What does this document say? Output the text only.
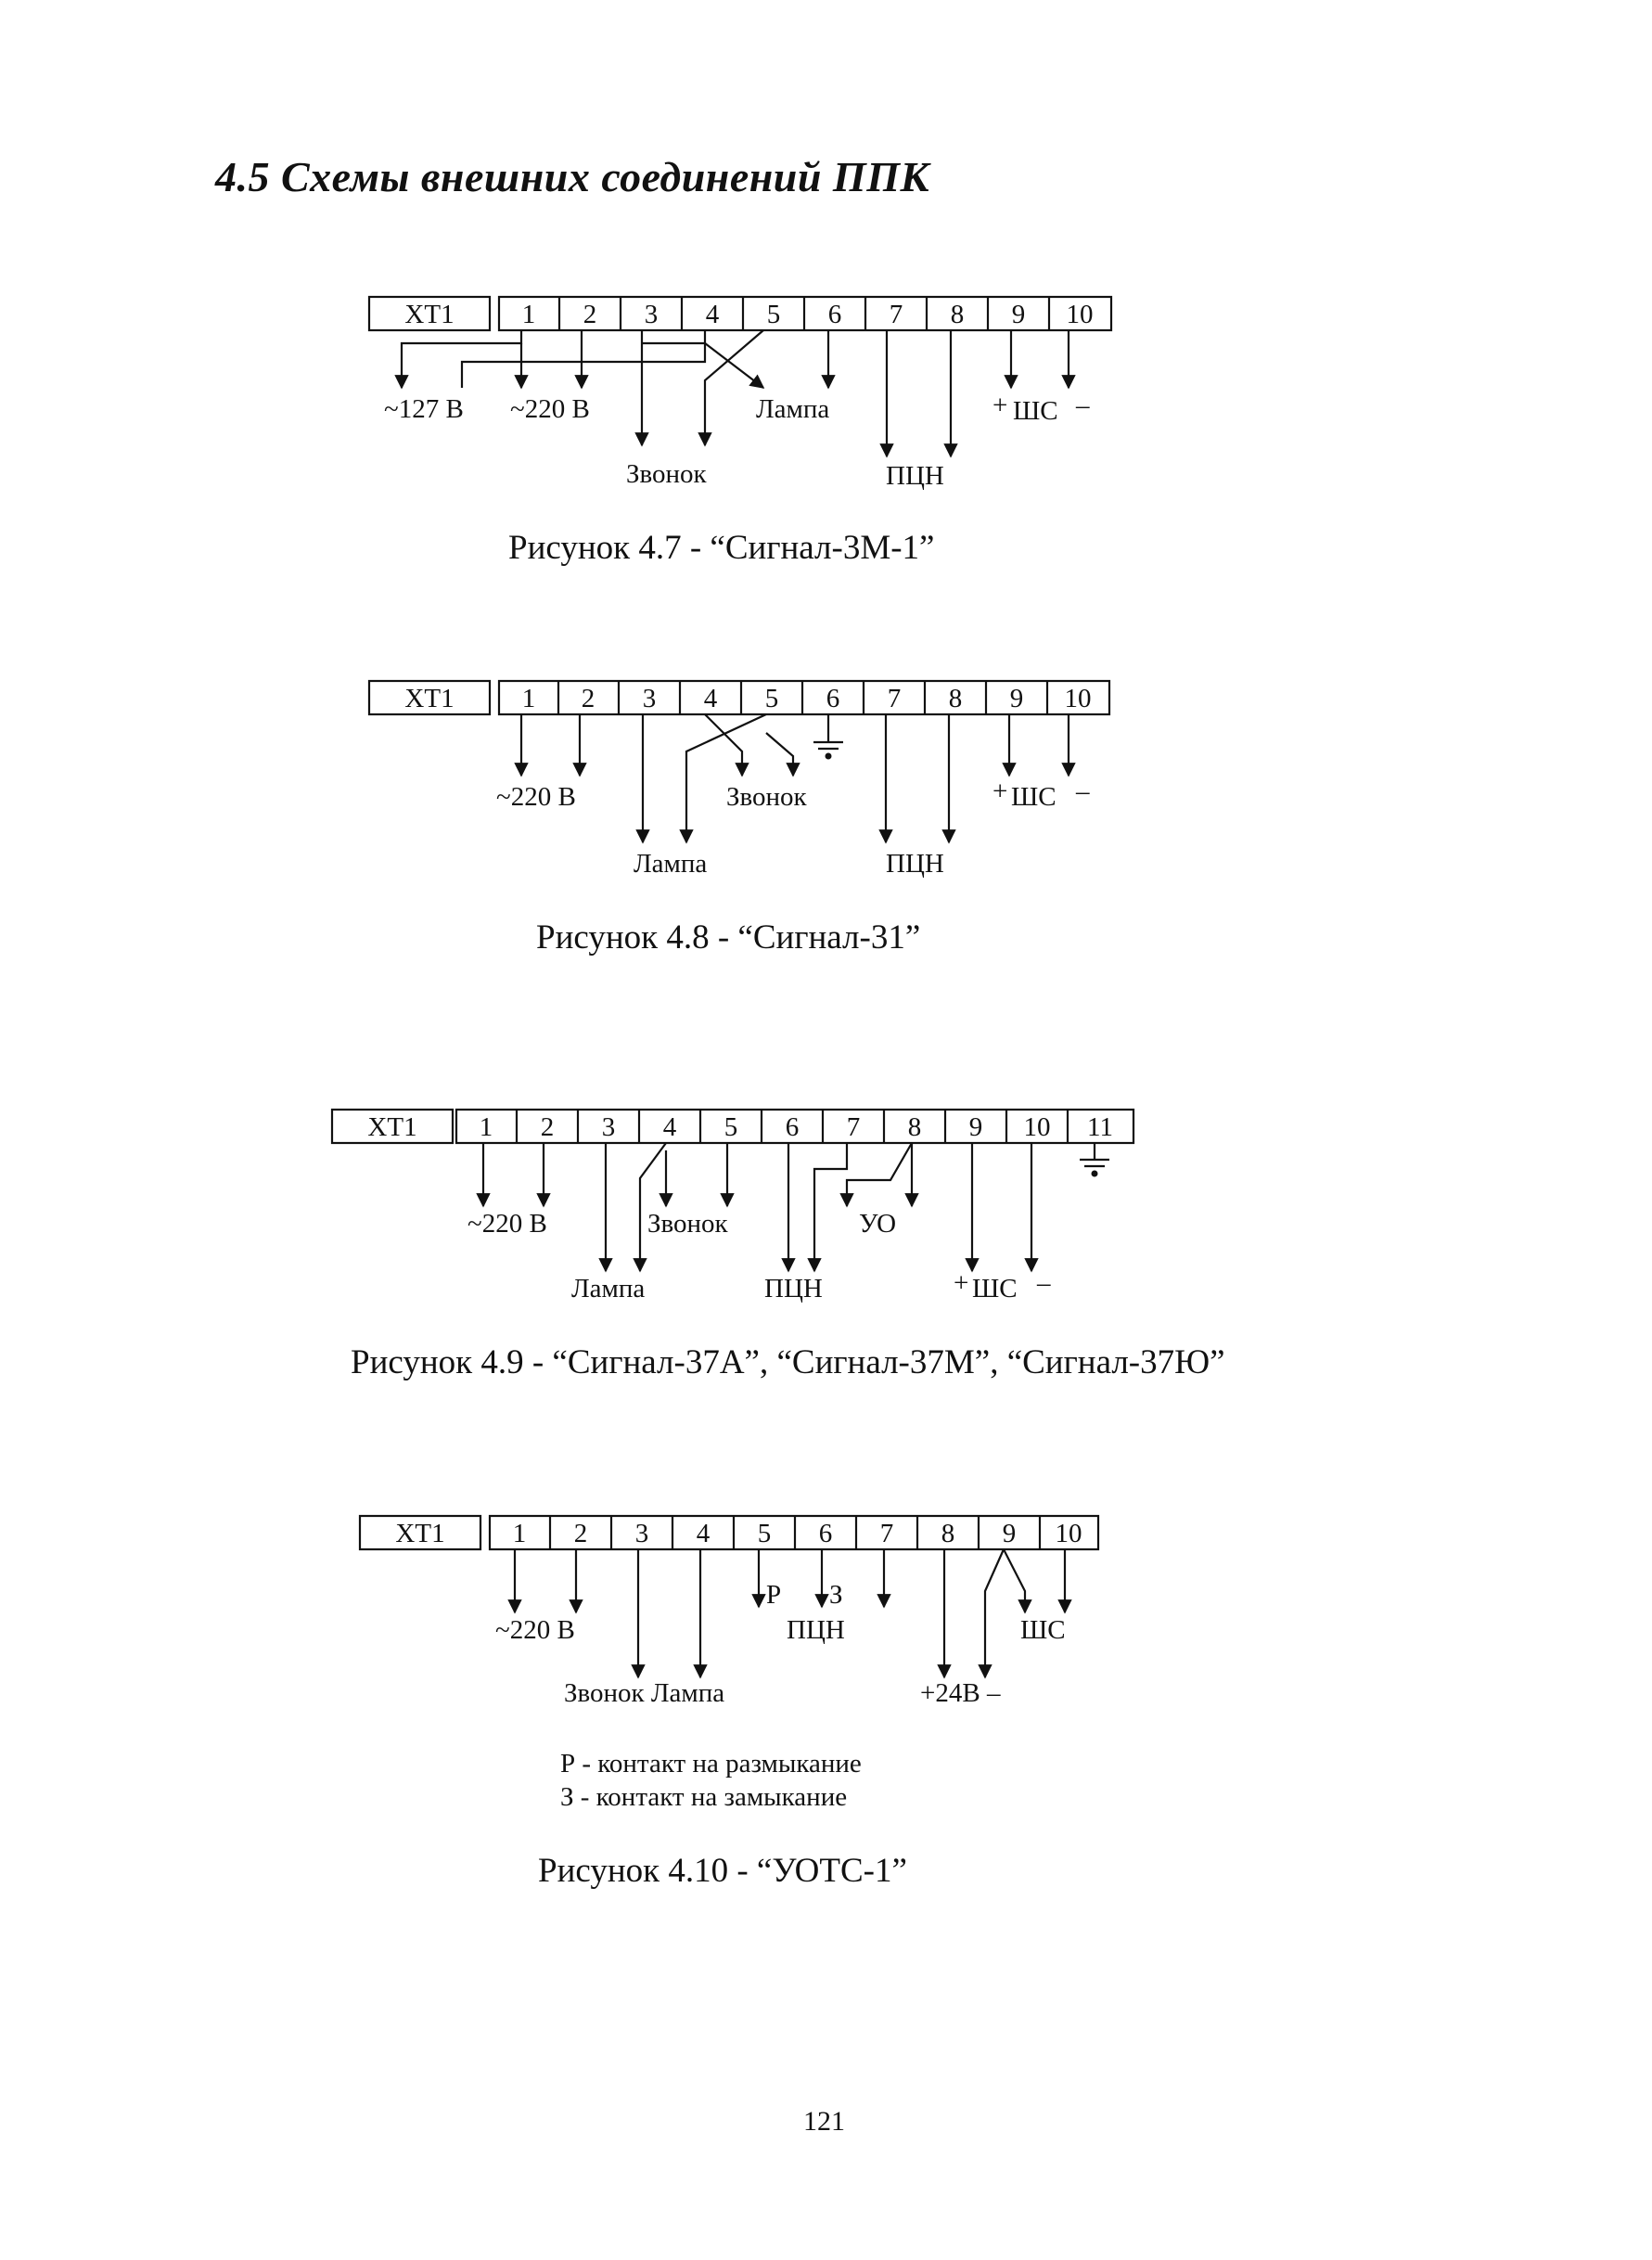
4.5 Схемы внешних соединений ППК
ХТ1	1 2 3 4 5 6 7 8 9 10
~127 В ~220 В	Лампа	+ ШС –
Звонок	ПЦН
Рисунок 4.7 - “Сигнал-3М-1”
ХТ1	1 2 3 4 5 6 7 8 9 10
~220 В	Звонок	+ ШС –
Лампа	ПЦН
Рисунок 4.8 - “Сигнал-31”
ХТ1 1 2 3 4 5 6 7 8 9 10 11
~220 В	Звонок	УО
Лампа	ПЦН	+ ШС –
Рисунок 4.9 - “Сигнал-37А”, “Сигнал-37М”, “Сигнал-37Ю”
ХТ1	1 2 3 4 5 6 7 8 9 10
Р З
~220 В	ПЦН	ШС
Звонок Лампа	+24В –
Р - контакт на размыкание
З - контакт на замыкание
Рисунок 4.10 - “УОТС-1”
121
